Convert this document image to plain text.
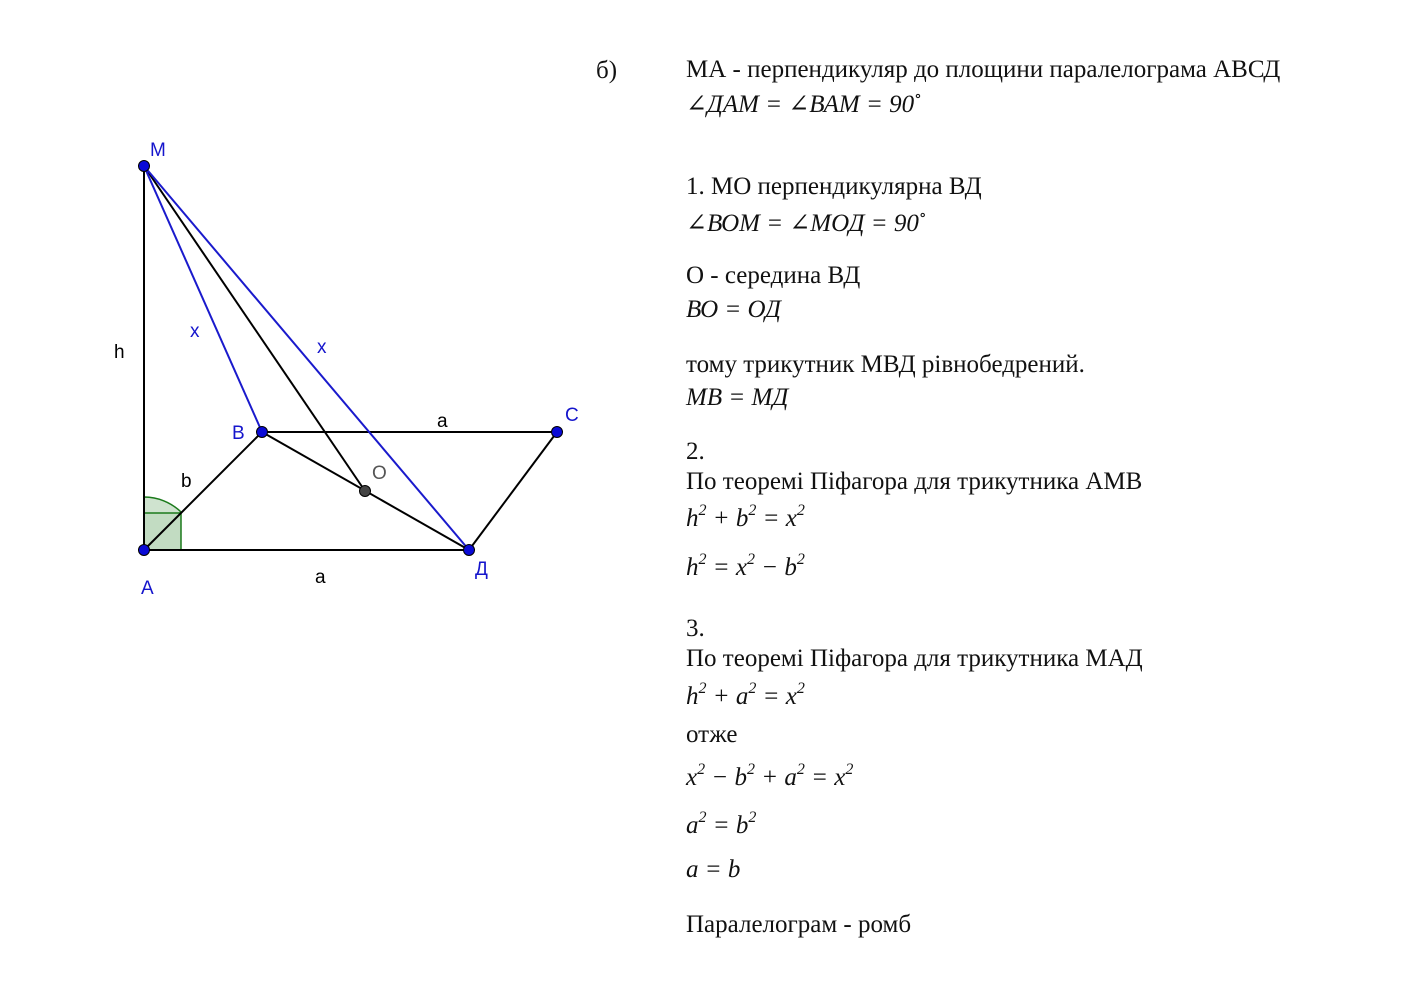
M
A
B
C
Д
O
h
x
x
b
a
a
б)	МА - перпендикуляр до площини паралелограма АВСД
∠ДАМ = ∠ВАМ = 90∘
1. МО перпендикулярна ВД
∠ВОМ = ∠МОД = 90∘
О - середина ВД
ВО = ОД
тому трикутник МВД рівнобедрений.
МВ = МД
2.
По теоремі Піфагора для трикутника АМВ
$h^2 + b^2 = x^2$
$h^2 = x^2 - b^2$
3.
По теоремі Піфагора для трикутника МАД
$h^2 + a^2 = x^2$
отже
$x^2 - b^2 + a^2 = x^2$
$a^2 = b^2$
a = b
Паралелограм - ромб
